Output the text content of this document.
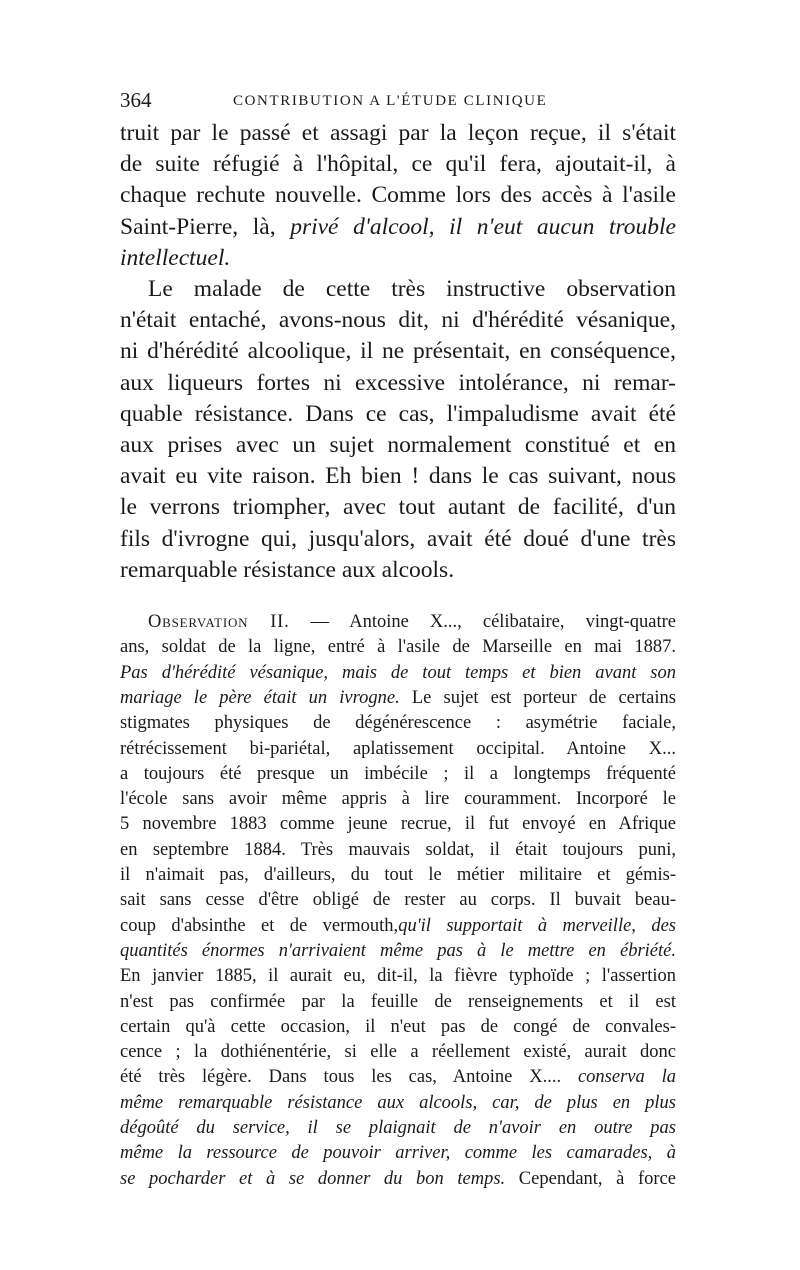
364	CONTRIBUTION A L'ÉTUDE CLINIQUE

truit par le passé et assagi par la leçon reçue, il s'était
de suite réfugié à l'hôpital, ce qu'il fera, ajoutait-il, à
chaque rechute nouvelle. Comme lors des accès à l'asile
Saint-Pierre, là, privé d'alcool, il n'eut aucun trouble
intellectuel.

Le malade de cette très instructive observation
n'était entaché, avons-nous dit, ni d'hérédité vésanique,
ni d'hérédité alcoolique, il ne présentait, en conséquence,
aux liqueurs fortes ni excessive intolérance, ni remar-
quable résistance. Dans ce cas, l'impaludisme avait été
aux prises avec un sujet normalement constitué et en
avait eu vite raison. Eh bien ! dans le cas suivant, nous
le verrons triompher, avec tout autant de facilité, d'un
fils d'ivrogne qui, jusqu'alors, avait été doué d'une très
remarquable résistance aux alcools.

Observation II. — Antoine X..., célibataire, vingt-quatre
ans, soldat de la ligne, entré à l'asile de Marseille en mai 1887.
Pas d'hérédité vésanique, mais de tout temps et bien avant son
mariage le père était un ivrogne. Le sujet est porteur de certains
stigmates physiques de dégénérescence : asymétrie faciale,
rétrécissement bi-pariétal, aplatissement occipital. Antoine X...
a toujours été presque un imbécile ; il a longtemps fréquenté
l'école sans avoir même appris à lire couramment. Incorporé le
5 novembre 1883 comme jeune recrue, il fut envoyé en Afrique
en septembre 1884. Très mauvais soldat, il était toujours puni,
il n'aimait pas, d'ailleurs, du tout le métier militaire et gémis-
sait sans cesse d'être obligé de rester au corps. Il buvait beau-
coup d'absinthe et de vermouth,qu'il supportait à merveille, des
quantités énormes n'arrivaient même pas à le mettre en ébriété.
En janvier 1885, il aurait eu, dit-il, la fièvre typhoïde ; l'assertion
n'est pas confirmée par la feuille de renseignements et il est
certain qu'à cette occasion, il n'eut pas de congé de convales-
cence ; la dothiénentérie, si elle a réellement existé, aurait donc
été très légère. Dans tous les cas, Antoine X.... conserva la
même remarquable résistance aux alcools, car, de plus en plus
dégoûté du service, il se plaignait de n'avoir en outre pas
même la ressource de pouvoir arriver, comme les camarades, à
se pocharder et à se donner du bon temps. Cependant, à force
